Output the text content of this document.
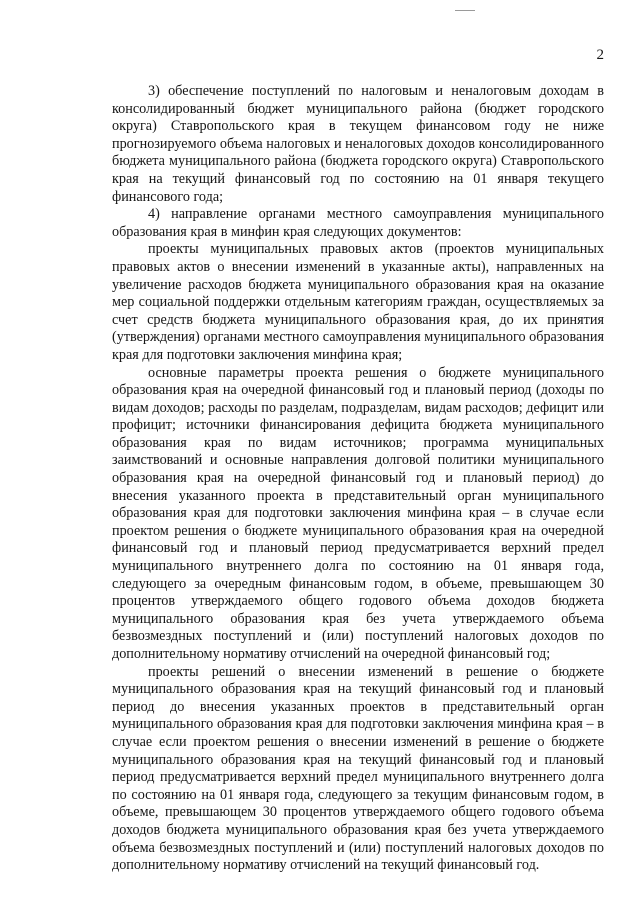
2

3) обеспечение поступлений по налоговым и неналоговым доходам в консолидированный бюджет муниципального района (бюджет городского округа) Ставропольского края в текущем финансовом году не ниже прогнозируемого объема налоговых и неналоговых доходов консолидированного бюджета муниципального района (бюджета городского округа) Ставропольского края на текущий финансовый год по состоянию на 01 января текущего финансового года;

4) направление органами местного самоуправления муниципального образования края в минфин края следующих документов:

проекты муниципальных правовых актов (проектов муниципальных правовых актов о внесении изменений в указанные акты), направленных на увеличение расходов бюджета муниципального образования края на оказание мер социальной поддержки отдельным категориям граждан, осуществляемых за счет средств бюджета муниципального образования края, до их принятия (утверждения) органами местного самоуправления муниципального образования края для подготовки заключения минфина края;

основные параметры проекта решения о бюджете муниципального образования края на очередной финансовый год и плановый период (доходы по видам доходов; расходы по разделам, подразделам, видам расходов; дефицит или профицит; источники финансирования дефицита бюджета муниципального образования края по видам источников; программа муниципальных заимствований и основные направления долговой политики муниципального образования края на очередной финансовый год и плановый период) до внесения указанного проекта в представительный орган муниципального образования края для подготовки заключения минфина края – в случае если проектом решения о бюджете муниципального образования края на очередной финансовый год и плановый период предусматривается верхний предел муниципального внутреннего долга по состоянию на 01 января года, следующего за очередным финансовым годом, в объеме, превышающем 30 процентов утверждаемого общего годового объема доходов бюджета муниципального образования края без учета утверждаемого объема безвозмездных поступлений и (или) поступлений налоговых доходов по дополнительному нормативу отчислений на очередной финансовый год;

проекты решений о внесении изменений в решение о бюджете муниципального образования края на текущий финансовый год и плановый период до внесения указанных проектов в представительный орган муниципального образования края для подготовки заключения минфина края – в случае если проектом решения о внесении изменений в решение о бюджете муниципального образования края на текущий финансовый год и плановый период предусматривается верхний предел муниципального внутреннего долга по состоянию на 01 января года, следующего за текущим финансовым годом, в объеме, превышающем 30 процентов утверждаемого общего годового объема доходов бюджета муниципального образования края без учета утверждаемого объема безвозмездных поступлений и (или) поступлений налоговых доходов по дополнительному нормативу отчислений на текущий финансовый год.
